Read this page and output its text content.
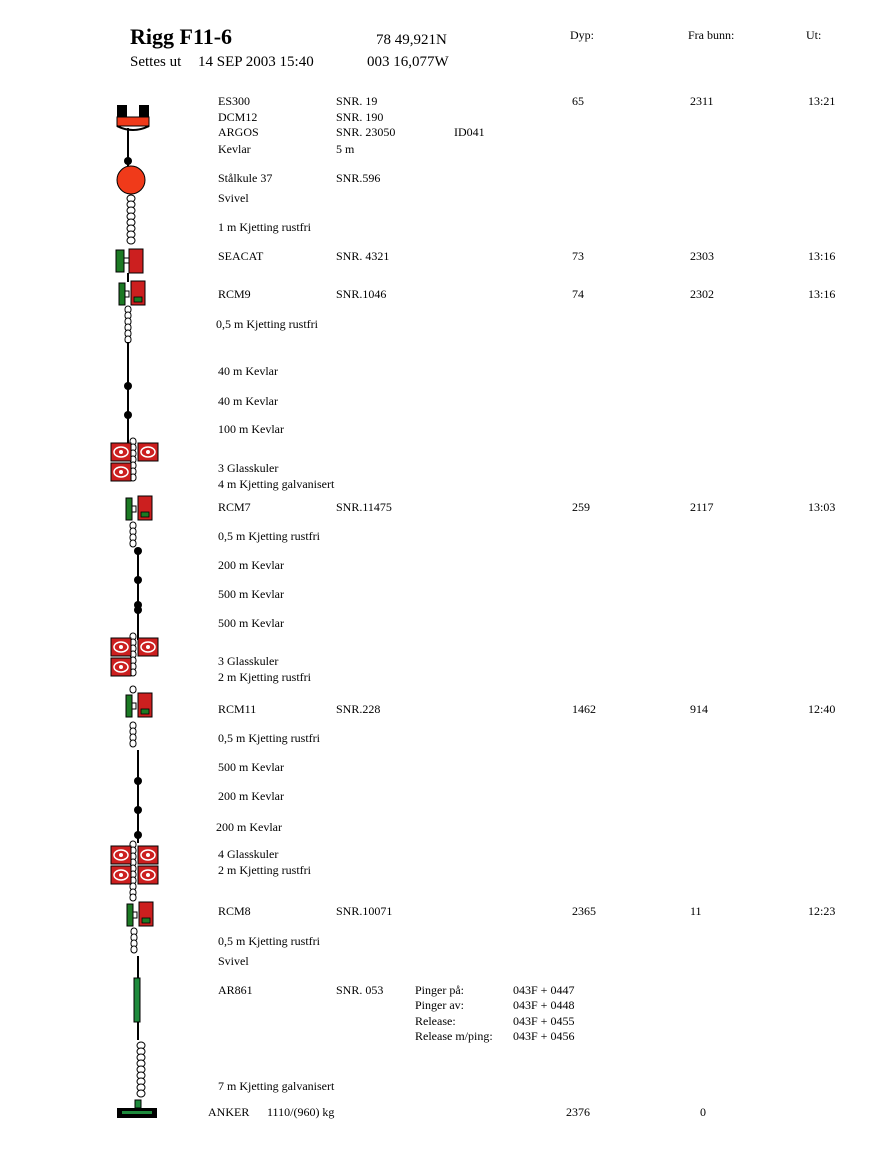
Rigg F11-6	78 49,921N
Settes ut 14 SEP 2003 15:40	003 16,077W
Dyp:	Fra bunn:	Ut:
ES300	SNR. 19	65	2311	13:21
DCM12	SNR. 190
ARGOS	SNR. 23050	ID041
Kevlar	5 m
Stålkule 37	SNR.596
Svivel
1 m Kjetting rustfri
SEACAT	SNR. 4321	73	2303	13:16
RCM9	SNR.1046	74	2302	13:16
0,5 m Kjetting rustfri
40 m Kevlar
40 m Kevlar
100 m Kevlar
3 Glasskuler
4 m Kjetting galvanisert
RCM7	SNR.11475	259	2117	13:03
0,5 m Kjetting rustfri
200 m Kevlar
500 m Kevlar
500 m Kevlar
3 Glasskuler
2 m Kjetting rustfri
RCM11	SNR.228	1462	914	12:40
0,5 m Kjetting rustfri
500 m Kevlar
200 m Kevlar
200 m Kevlar
4 Glasskuler
2 m Kjetting rustfri
RCM8	SNR.10071	2365	11	12:23
0,5 m Kjetting rustfri
Svivel
AR861	SNR. 053	Pinger på:	043F + 0447
Pinger av:	043F + 0448
Release:	043F + 0455
Release m/ping: 043F + 0456
7 m Kjetting galvanisert
ANKER 1110/(960) kg	2376	0
